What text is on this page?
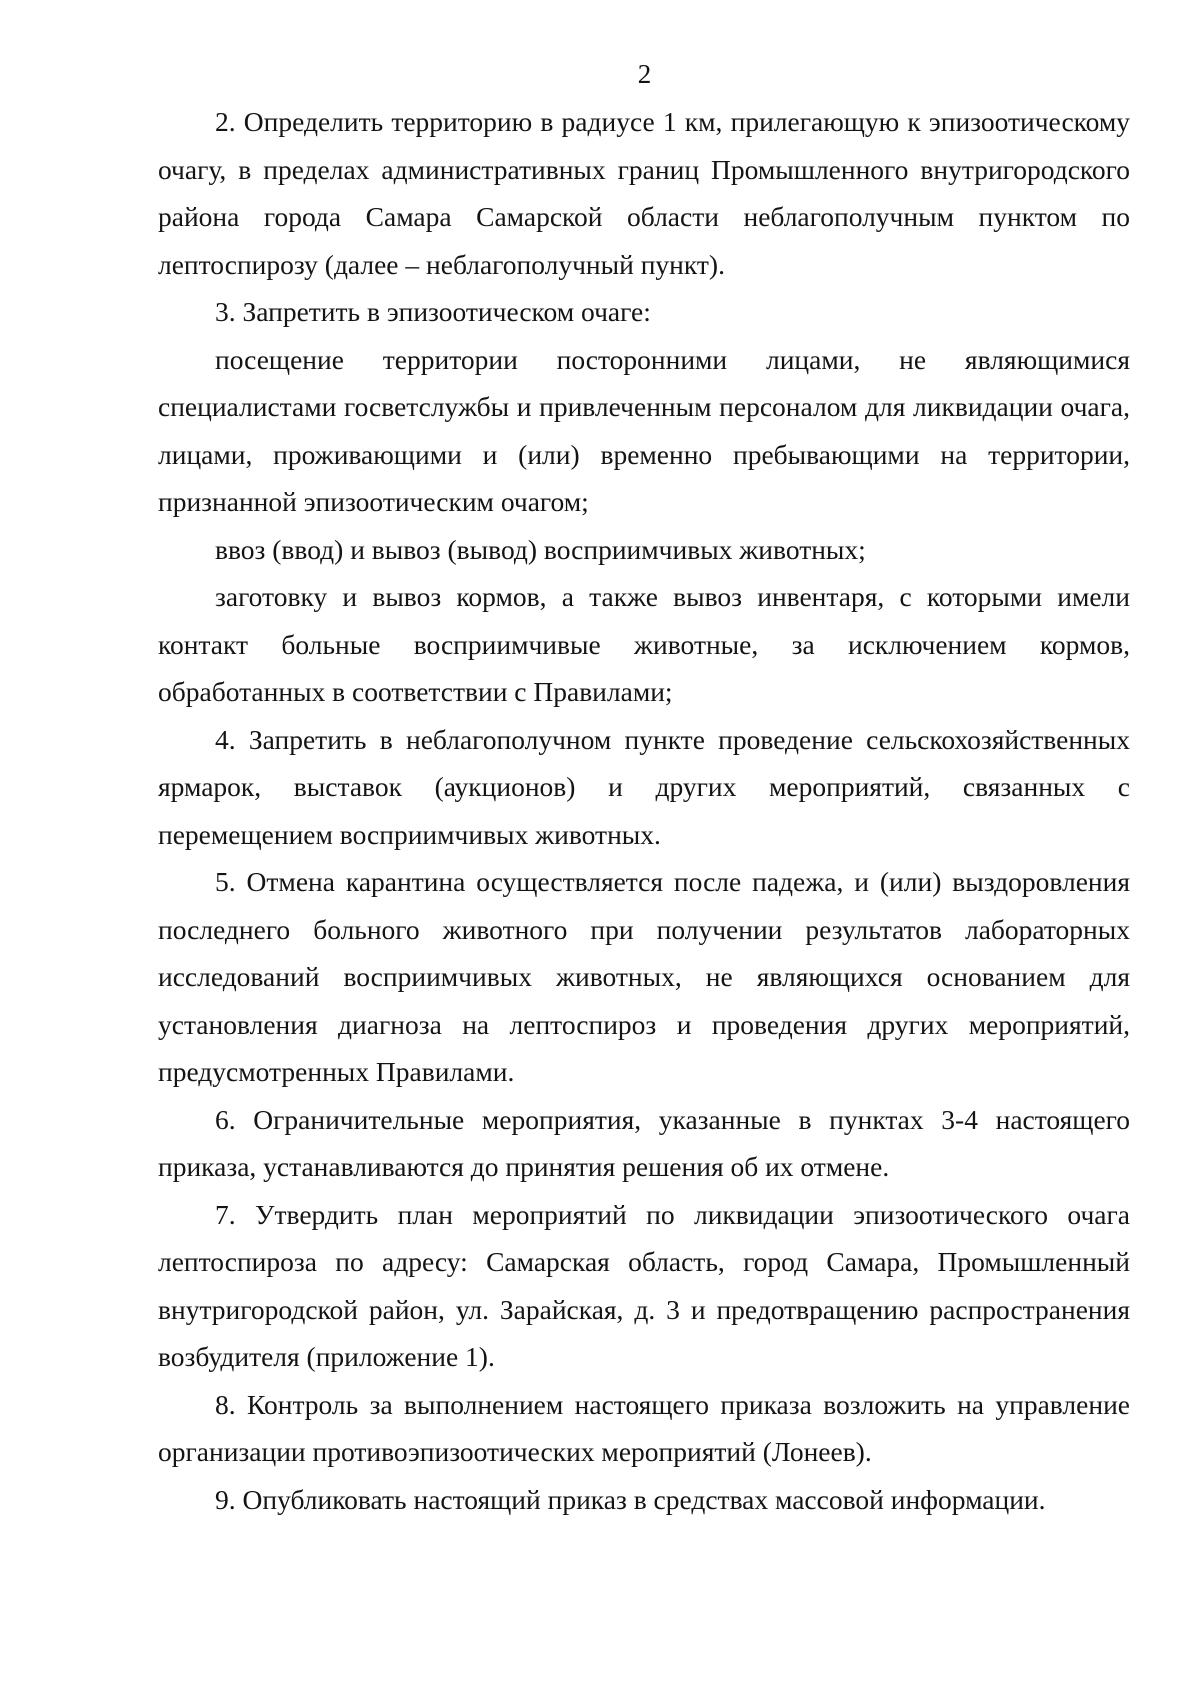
2

2. Определить территорию в радиусе 1 км, прилегающую к эпизоотическому очагу, в пределах административных границ Промышленного внутригородского района города Самара Самарской области неблагополучным пунктом по лептоспирозу (далее – неблагополучный пункт).

3. Запретить в эпизоотическом очаге:

посещение территории посторонними лицами, не являющимися специалистами госветслужбы и привлеченным персоналом для ликвидации очага, лицами, проживающими и (или) временно пребывающими на территории, признанной эпизоотическим очагом;

ввоз (ввод) и вывоз (вывод) восприимчивых животных;

заготовку и вывоз кормов, а также вывоз инвентаря, с которыми имели контакт больные восприимчивые животные, за исключением кормов, обработанных в соответствии с Правилами;

4. Запретить в неблагополучном пункте проведение сельскохозяйственных ярмарок, выставок (аукционов) и других мероприятий, связанных с перемещением восприимчивых животных.

5. Отмена карантина осуществляется после падежа, и (или) выздоровления последнего больного животного при получении результатов лабораторных исследований восприимчивых животных, не являющихся основанием для установления диагноза на лептоспироз и проведения других мероприятий, предусмотренных Правилами.

6. Ограничительные мероприятия, указанные в пунктах 3-4 настоящего приказа, устанавливаются до принятия решения об их отмене.

7. Утвердить план мероприятий по ликвидации эпизоотического очага лептоспироза по адресу: Самарская область, город Самара, Промышленный внутригородской район, ул. Зарайская, д. 3 и предотвращению распространения возбудителя (приложение 1).

8. Контроль за выполнением настоящего приказа возложить на управление организации противоэпизоотических мероприятий (Лонеев).

9. Опубликовать настоящий приказ в средствах массовой информации.
